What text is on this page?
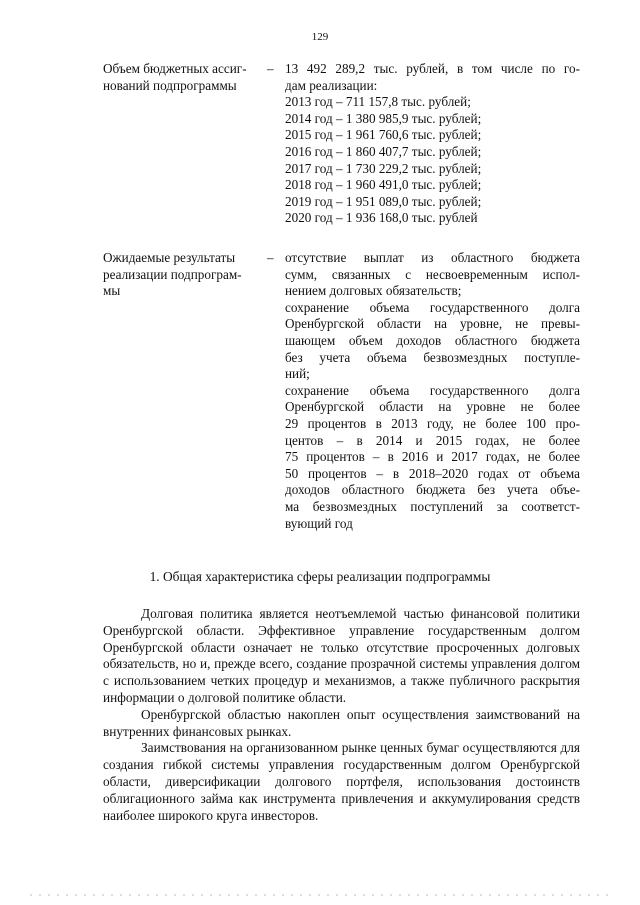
129
Объем бюджетных ассиг-
нований подпрограммы
– 13 492 289,2 тыс. рублей, в том числе по го-
дам реализации:
2013 год – 711 157,8 тыс. рублей;
2014 год – 1 380 985,9 тыс. рублей;
2015 год – 1 961 760,6 тыс. рублей;
2016 год – 1 860 407,7 тыс. рублей;
2017 год – 1 730 229,2 тыс. рублей;
2018 год – 1 960 491,0 тыс. рублей;
2019 год – 1 951 089,0 тыс. рублей;
2020 год – 1 936 168,0 тыс. рублей
Ожидаемые результаты
реализации подпрограм-
мы
– отсутствие выплат из областного бюджета
сумм, связанных с несвоевременным испол-
нением долговых обязательств;
сохранение объема государственного долга
Оренбургской области на уровне, не превы-
шающем объем доходов областного бюджета
без учета объема безвозмездных поступле-
ний;
сохранение объема государственного долга
Оренбургской области на уровне не более
29 процентов в 2013 году, не более 100 про-
центов – в 2014 и 2015 годах, не более
75 процентов – в 2016 и 2017 годах, не более
50 процентов – в 2018–2020 годах от объема
доходов областного бюджета без учета объе-
ма безвозмездных поступлений за соответст-
вующий год
1. Общая характеристика сферы реализации подпрограммы

Долговая политика является неотъемлемой частью финансовой политики Оренбургской области. Эффективное управление государственным долгом Оренбургской области означает не только отсутствие просроченных долговых обязательств, но и, прежде всего, создание прозрачной системы управления долгом с использованием четких процедур и механизмов, а также публичного раскрытия информации о долговой политике области.

Оренбургской областью накоплен опыт осуществления заимствований на внутренних финансовых рынках.

Заимствования на организованном рынке ценных бумаг осуществляются для создания гибкой системы управления государственным долгом Оренбургской области, диверсификации долгового портфеля, использования достоинств облигационного займа как инструмента привлечения и аккумулирования средств наиболее широкого круга инвесторов.
